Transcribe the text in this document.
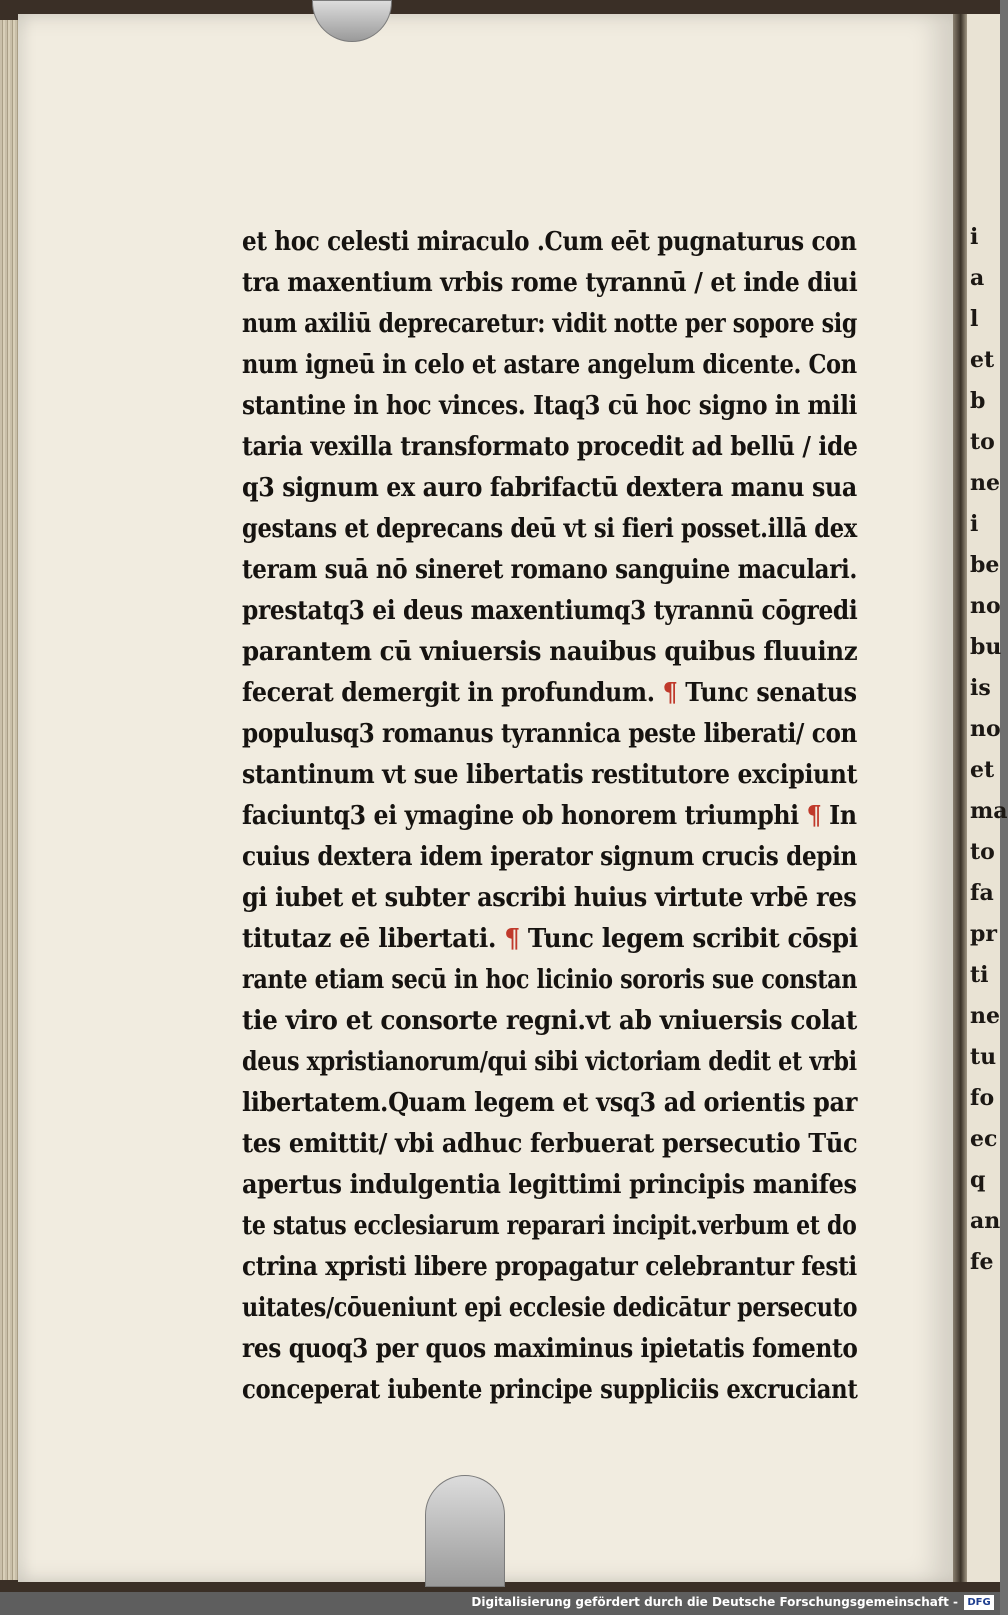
i
a
l
et
b
to
ne
i
be
no
bu
is
no
et
ma
to
fa
pr
ti
ne
tu
fo
ec
q
an
fe
et hoc celesti miraculo .Cum eēt pugnaturus con
tra maxentium vrbis rome tyrannū / et inde diui
num axiliū deprecaretur: vidit notte per sopore sig
num igneū in celo et astare angelum dicente. Con
stantine in hoc vinces. Itaq3 cū hoc signo in mili
taria vexilla transformato procedit ad bellū / ide
q3 signum ex auro fabrifactū dextera manu sua
gestans et deprecans deū vt si fieri posset.illā dex
teram suā nō sineret romano sanguine maculari.
prestatq3 ei deus maxentiumq3 tyrannū cōgredi
parantem cū vniuersis nauibus quibus fluuinz
fecerat demergit in profundum. ¶ Tunc senatus
populusq3 romanus tyrannica peste liberati/ con
stantinum vt sue libertatis restitutore excipiunt
faciuntq3 ei ymagine ob honorem triumphi ¶ In
cuius dextera idem iperator signum crucis depin
gi iubet et subter ascribi huius virtute vrbē res
titutaz eē libertati. ¶ Tunc legem scribit cōspi
rante etiam secū in hoc licinio sororis sue constan
tie viro et consorte regni.vt ab vniuersis colat
deus xpristianorum/qui sibi victoriam dedit et vrbi
libertatem.Quam legem et vsq3 ad orientis par
tes emittit/ vbi adhuc ferbuerat persecutio Tūc
apertus indulgentia legittimi principis manifes
te status ecclesiarum reparari incipit.verbum et do
ctrina xpristi libere propagatur celebrantur festi
uitates/cōueniunt epi ecclesie dedicātur persecuto
res quoq3 per quos maximinus ipietatis fomento
conceperat iubente principe suppliciis excruciant
Digitalisierung gefördert durch die Deutsche Forschungsgemeinschaft - DFG
